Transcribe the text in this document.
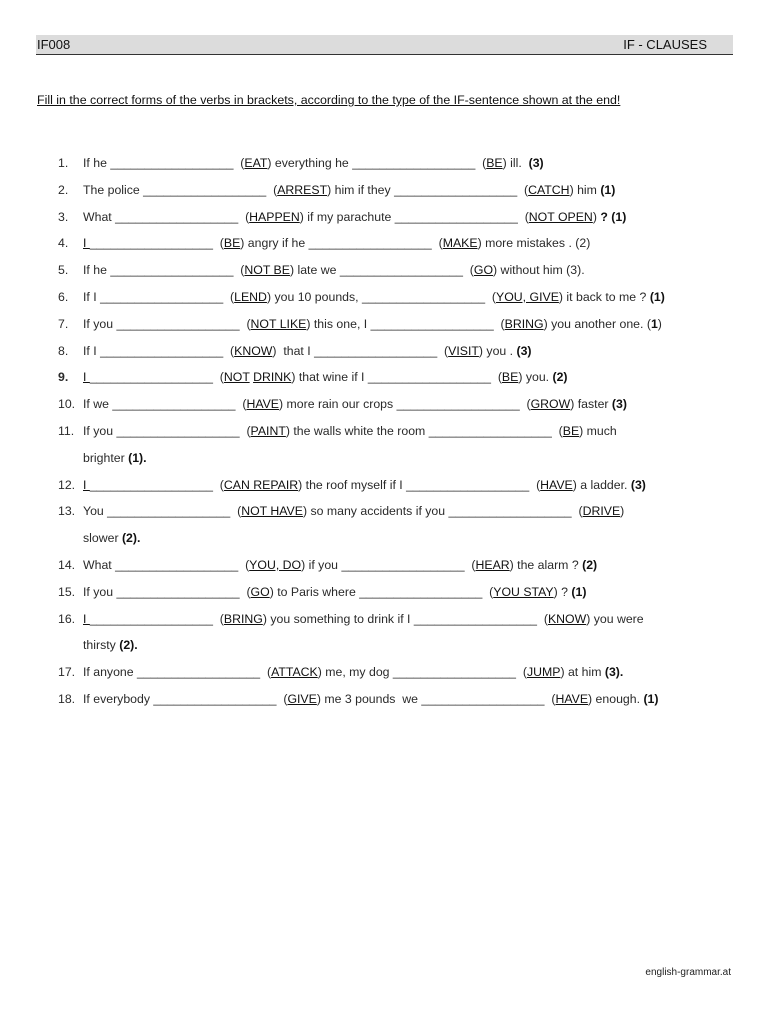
IF008	IF - CLAUSES
Fill in the correct forms of the verbs in brackets, according to the type of the IF-sentence shown at the end!
1.	If he __________________  (EAT) everything he __________________  (BE) ill.  (3)
2.	The police __________________  (ARREST) him if they __________________  (CATCH) him (1)
3.	What __________________  (HAPPEN) if my parachute __________________  (NOT OPEN) ? (1)
4.	I __________________  (BE) angry if he __________________  (MAKE) more mistakes . (2)
5.	If he __________________  (NOT BE) late we __________________  (GO) without him (3).
6.	If I __________________  (LEND) you 10 pounds, __________________  (YOU, GIVE) it back to me ? (1)
7.	If you __________________  (NOT LIKE) this one, I __________________  (BRING) you another one. (1)
8.	If I __________________  (KNOW)  that I __________________  (VISIT) you . (3)
9.	I __________________  (NOT DRINK) that wine if I __________________  (BE) you. (2)
10. If we __________________  (HAVE) more rain our crops __________________  (GROW) faster (3)
11. If you __________________  (PAINT) the walls white the room __________________  (BE) much
brighter (1).
12. I __________________  (CAN REPAIR) the roof myself if I __________________  (HAVE) a ladder. (3)
13. You __________________  (NOT HAVE) so many accidents if you __________________  (DRIVE)
slower (2).
14. What __________________  (YOU, DO) if you __________________  (HEAR) the alarm ? (2)
15. If you __________________  (GO) to Paris where __________________  (YOU STAY) ? (1)
16. I __________________  (BRING) you something to drink if I __________________  (KNOW) you were
thirsty (2).
17. If anyone __________________  (ATTACK) me, my dog __________________  (JUMP) at him (3).
18. If everybody __________________  (GIVE) me 3 pounds  we __________________  (HAVE) enough. (1)
english-grammar.at
